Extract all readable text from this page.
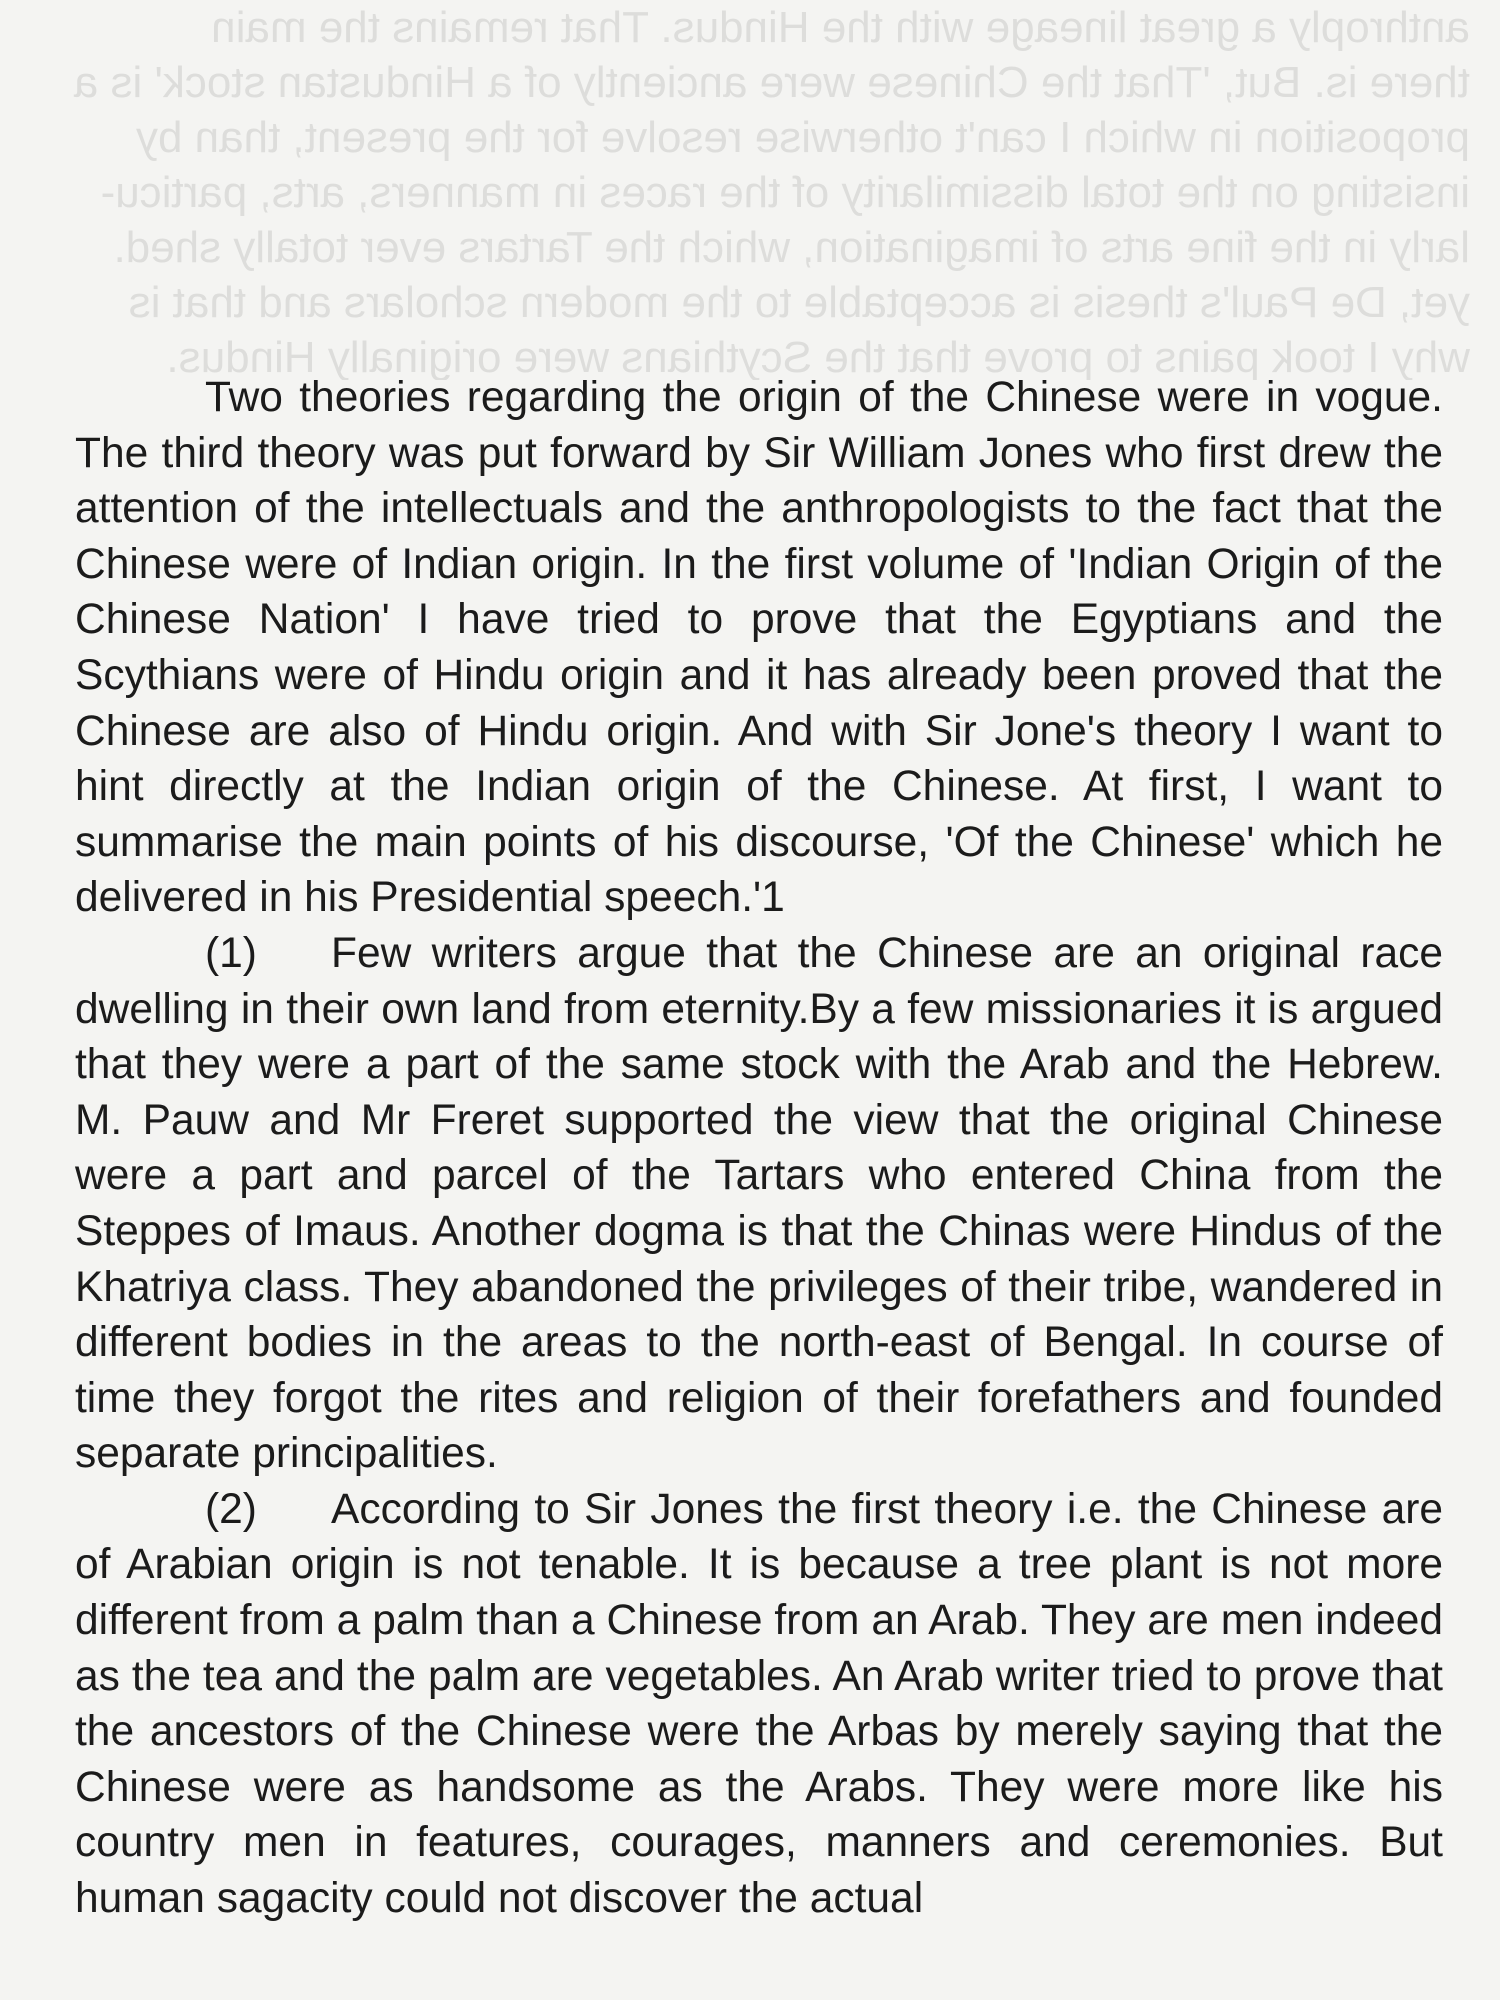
anthroply a great lineage with the Hindus. That remains the main
there is. But, 'That the Chinese were anciently of a Hindustan stock' is a
proposition in which I can't otherwise resolve for the present, than by
insisting on the total dissimilarity of the races in manners, arts, particu-
larly in the fine arts of imagination, which the Tartars ever totally shed.
yet, De Paul's thesis is acceptable to the modern scholars and that is
why I took pains to prove that the Scythians were originally Hindus.

Two theories regarding the origin of the Chinese were in vogue. The third theory was put forward by Sir William Jones who first drew the attention of the intellectuals and the anthropologists to the fact that the Chinese were of Indian origin. In the first volume of 'Indian Origin of the Chinese Nation' I have tried to prove that the Egyptians and the Scythians were of Hindu origin and it has already been proved that the Chinese are also of Hindu origin. And with Sir Jone's theory I want to hint directly at the Indian origin of the Chinese. At first, I want to summarise the main points of his discourse, 'Of the Chinese' which he delivered in his Presidential speech.'1

(1) Few writers argue that the Chinese are an original race dwelling in their own land from eternity.By a few missionaries it is argued that they were a part of the same stock with the Arab and the Hebrew. M. Pauw and Mr Freret supported the view that the original Chinese were a part and parcel of the Tartars who entered China from the Steppes of Imaus. Another dogma is that the Chinas were Hindus of the Khatriya class. They abandoned the privileges of their tribe, wandered in different bodies in the areas to the north-east of Bengal. In course of time they forgot the rites and religion of their forefathers and founded separate principalities.

(2) According to Sir Jones the first theory i.e. the Chinese are of Arabian origin is not tenable. It is because a tree plant is not more different from a palm than a Chinese from an Arab. They are men indeed as the tea and the palm are vegetables. An Arab writer tried to prove that the ancestors of the Chinese were the Arbas by merely saying that the Chinese were as handsome as the Arabs. They were more like his country men in features, courages, manners and ceremonies. But human sagacity could not discover the actual
